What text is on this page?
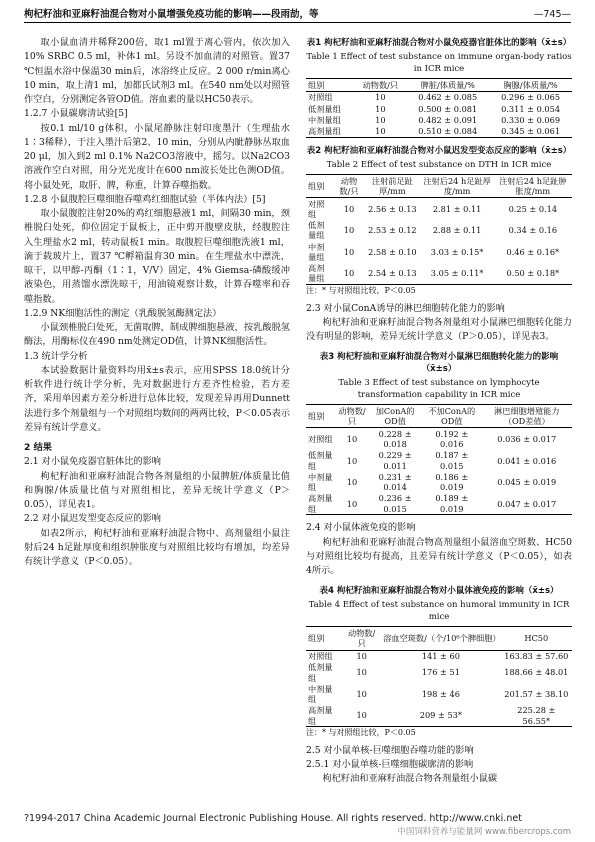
枸杞籽油和亚麻籽油混合物对小鼠增强免疫功能的影响——段雨劼，等	—745—

取小鼠血清并稀释200倍，取1 ml置于离心管内，依次加入10% SRBC 0.5 ml，补体1 ml。另设不加血清的对照管。置37 ℃恒温水浴中保温30 min后，冰浴终止反应。2 000 r/min离心10 min，取上清1 ml，加都氏试剂3 ml。在540 nm处以对照管作空白，分别测定各管OD值。溶血素的量以HC50表示。

1.2.7 小鼠碳廓清试验[5]

按0.1 ml/10 g体积，小鼠尾静脉注射印度墨汁（生理盐水1∶3稀释），于注入墨汁后第2、10 min，分别从内眦静脉丛取血20 μl，加入到2 ml 0.1% Na2CO3溶液中，摇匀。以Na2CO3溶液作空白对照，用分光光度计在600 nm波长处比色测OD值。将小鼠处死，取肝、脾，称重，计算吞噬指数。

1.2.8 小鼠腹腔巨噬细胞吞噬鸡红细胞试验（半体内法）[5]

取小鼠腹腔注射20%的鸡红细胞悬液1 ml，间隔30 min，颈椎脱臼处死，仰位固定于鼠板上，正中剪开腹壁皮肤，经腹腔注入生理盐水2 ml，转动鼠板1 min。取腹腔巨噬细胞洗液1 ml，滴于载玻片上，置37 ℃孵箱温育30 min。在生理盐水中漂洗，晾干，以甲醇-丙酮（1∶1，V/V）固定，4% Giemsa-磷酸缓冲液染色，用蒸馏水漂洗晾干，用油镜观察计数，计算吞噬率和吞噬指数。

1.2.9 NK细胞活性的测定（乳酸脱氢酶测定法）

小鼠颈椎脱臼处死，无菌取脾，制成脾细胞悬液，按乳酸脱氢酶法，用酶标仪在490 nm处测定OD值，计算NK细胞活性。

1.3 统计学分析

本试验数据计量资料均用x̄±s表示，应用SPSS 18.0统计分析软件进行统计学分析，先对数据进行方差齐性检验，若方差齐，采用单因素方差分析进行总体比较，发现差异再用Dunnett法进行多个剂量组与一个对照组均数间的两两比较，P＜0.05表示差异有统计学意义。

2 结果

2.1 对小鼠免疫器官脏体比的影响

枸杞籽油和亚麻籽油混合物各剂量组的小鼠脾脏/体质量比值和胸腺/体质量比值与对照组相比，差异无统计学意义（P＞0.05），详见表1。

2.2 对小鼠迟发型变态反应的影响

如表2所示，枸杞籽油和亚麻籽油混合物中、高剂量组小鼠注射后24 h足趾厚度和组织肿胀度与对照组比较均有增加，均差异有统计学意义（P＜0.05）。

表1 枸杞籽油和亚麻籽油混合物对小鼠免疫器官脏体比的影响（x̄±s）
Table 1 Effect of test substance on immune organ-body ratios in ICR mice
组别	动物数/只	脾脏/体质量/%	胸腺/体质量/%
对照组	10	0.462 ± 0.085	0.296 ± 0.065
低剂量组	10	0.500 ± 0.081	0.311 ± 0.054
中剂量组	10	0.482 ± 0.091	0.330 ± 0.069
高剂量组	10	0.510 ± 0.084	0.345 ± 0.061
表2 枸杞籽油和亚麻籽油混合物对小鼠迟发型变态反应的影响（x̄±s）
Table 2 Effect of test substance on DTH in ICR mice
组别	动物数/只	注射前足趾厚/mm	注射后24 h足趾厚度/mm	注射后24 h足趾肿胀度/mm
对照组	10	2.56 ± 0.13	2.81 ± 0.11	0.25 ± 0.14
低剂量组	10	2.53 ± 0.12	2.88 ± 0.11	0.34 ± 0.16
中剂量组	10	2.58 ± 0.10	3.03 ± 0.15*	0.46 ± 0.16*
高剂量组	10	2.54 ± 0.13	3.05 ± 0.11*	0.50 ± 0.18*
注：* 与对照组比较，P＜0.05

2.3 对小鼠ConA诱导的淋巴细胞转化能力的影响

枸杞籽油和亚麻籽油混合物各剂量组对小鼠淋巴细胞转化能力没有明显的影响，差异无统计学意义（P＞0.05），详见表3。

表3 枸杞籽油和亚麻籽油混合物对小鼠淋巴细胞转化能力的影响（x̄±s）
Table 3 Effect of test substance on lymphocyte transformation capability in ICR mice
组别	动物数/只	加ConA的OD值	不加ConA的OD值	淋巴细胞增殖能力（OD差值）
对照组	10	0.228 ± 0.018	0.192 ± 0.016	0.036 ± 0.017
低剂量组	10	0.229 ± 0.011	0.187 ± 0.015	0.041 ± 0.016
中剂量组	10	0.231 ± 0.014	0.186 ± 0.019	0.045 ± 0.019
高剂量组	10	0.236 ± 0.015	0.189 ± 0.019	0.047 ± 0.017

2.4 对小鼠体液免疫的影响

枸杞籽油和亚麻籽油混合物高剂量组小鼠溶血空斑数、HC50与对照组比较均有提高，且差异有统计学意义（P＜0.05），如表4所示。

表4 枸杞籽油和亚麻籽油混合物对小鼠体液免疫的影响（x̄±s）
Table 4 Effect of test substance on humoral immunity in ICR mice
组别	动物数/只	溶血空斑数/（个/10⁶个脾细胞）	HC50
对照组	10	141 ± 60	163.83 ± 57.60
低剂量组	10	176 ± 51	188.66 ± 48.01
中剂量组	10	198 ± 46	201.57 ± 38.10
高剂量组	10	209 ± 53*	225.28 ± 56.55*
注：* 与对照组比较，P＜0.05

2.5 对小鼠单核-巨噬细胞吞噬功能的影响

2.5.1 对小鼠单核-巨噬细胞碳廓清的影响

枸杞籽油和亚麻籽油混合物各剂量组小鼠碳

?1994-2017 China Academic Journal Electronic Publishing House. All rights reserved. http://www.cnki.net
中国饲料营养与能量网 www.fibercrops.com
